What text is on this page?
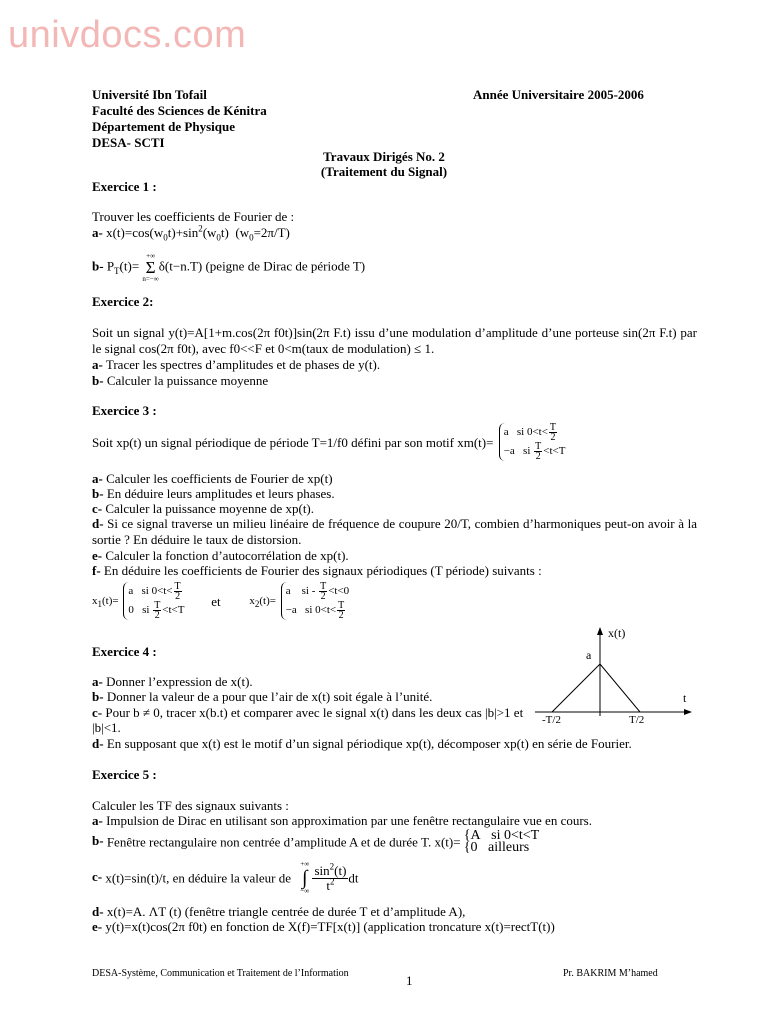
univdocs.com
Université Ibn Tofail
Faculté des Sciences de Kénitra
Département de Physique
DESA- SCTI
Année Universitaire 2005-2006
Travaux Dirigés No. 2
(Traitement du Signal)
Exercice 1 :
Trouver les coefficients de Fourier de :
a- $x(t)=\cos(w_0t)+\sin^2(w_0t)$  $(w_0=2\pi/T)$
b- $P_T(t)=$
+∞
Σ
n=−∞
δ(t−n.T) (peigne de Dirac de période T)
Exercice 2:
Soit un signal y(t)=A[1+m.cos(2π f0t)]sin(2π F.t) issu d’une modulation d’amplitude d’une porteuse sin(2π F.t) par le signal cos(2π f0t), avec f0<<F et 0<m(taux de modulation) ≤ 1.
a- Tracer les spectres d’amplitudes et de phases de y(t).
b- Calculer la puissance moyenne
Exercice 3 :
Soit xp(t) un signal périodique de période T=1/f0 défini par son motif xm(t)=
a   si $0<t< \frac{T}{2}$
−a   si $\frac{T}{2} <t<T$
a- Calculer les coefficients de Fourier de xp(t)
b- En déduire leurs amplitudes et leurs phases.
c- Calculer la puissance moyenne de xp(t).
d- Si ce signal traverse un milieu linéaire de fréquence de coupure 20/T, combien d’harmoniques peut-on avoir à la sortie ? En déduire le taux de distorsion.
e- Calculer la fonction d’autocorrélation de xp(t).
f- En déduire les coefficients de Fourier des signaux périodiques (T période) suivants :
$x_1(t)=$
a   si $0<t< \frac{T}{2}$
0   si $\frac{T}{2} <t<T$
et	$x_2(t)=$
a    si - $\frac{T}{2} <t<0$
−a   si $0<t< \frac{T}{2}$
Exercice 4 :
a- Donner l’expression de x(t).
b- Donner la valeur de a pour que l’air de x(t) soit égale à l’unité.
c- Pour b ≠ 0, tracer x(b.t) et comparer avec le signal x(t) dans les deux cas |b|>1 et |b|<1.
d- En supposant que x(t) est le motif d’un signal périodique xp(t), décomposer xp(t) en série de Fourier.
x(t)
a
t
-T/2	T/2
Exercice 5 :
Calculer les TF des signaux suivants :
a- Impulsion de Dirac en utilisant son approximation par une fenêtre rectangulaire vue en cours.
b- Fenêtre rectangulaire non centrée d’amplitude A et de durée T. x(t)= {A   si 0<t<T
{0   ailleurs
c- x(t)=sin(t)/t, en déduire la valeur de
+∞
∫
−∞
$\frac{\sin^2(t)}{t^2}$ dt
d- x(t)=A. ΛT (t) (fenêtre triangle centrée de durée T et d’amplitude A),
e- y(t)=x(t)cos(2π f0t) en fonction de X(f)=TF[x(t)] (application troncature x(t)=rectT(t))
DESA-Système, Communication et Traitement de l’Information	1	Pr. BAKRIM M’hamed
